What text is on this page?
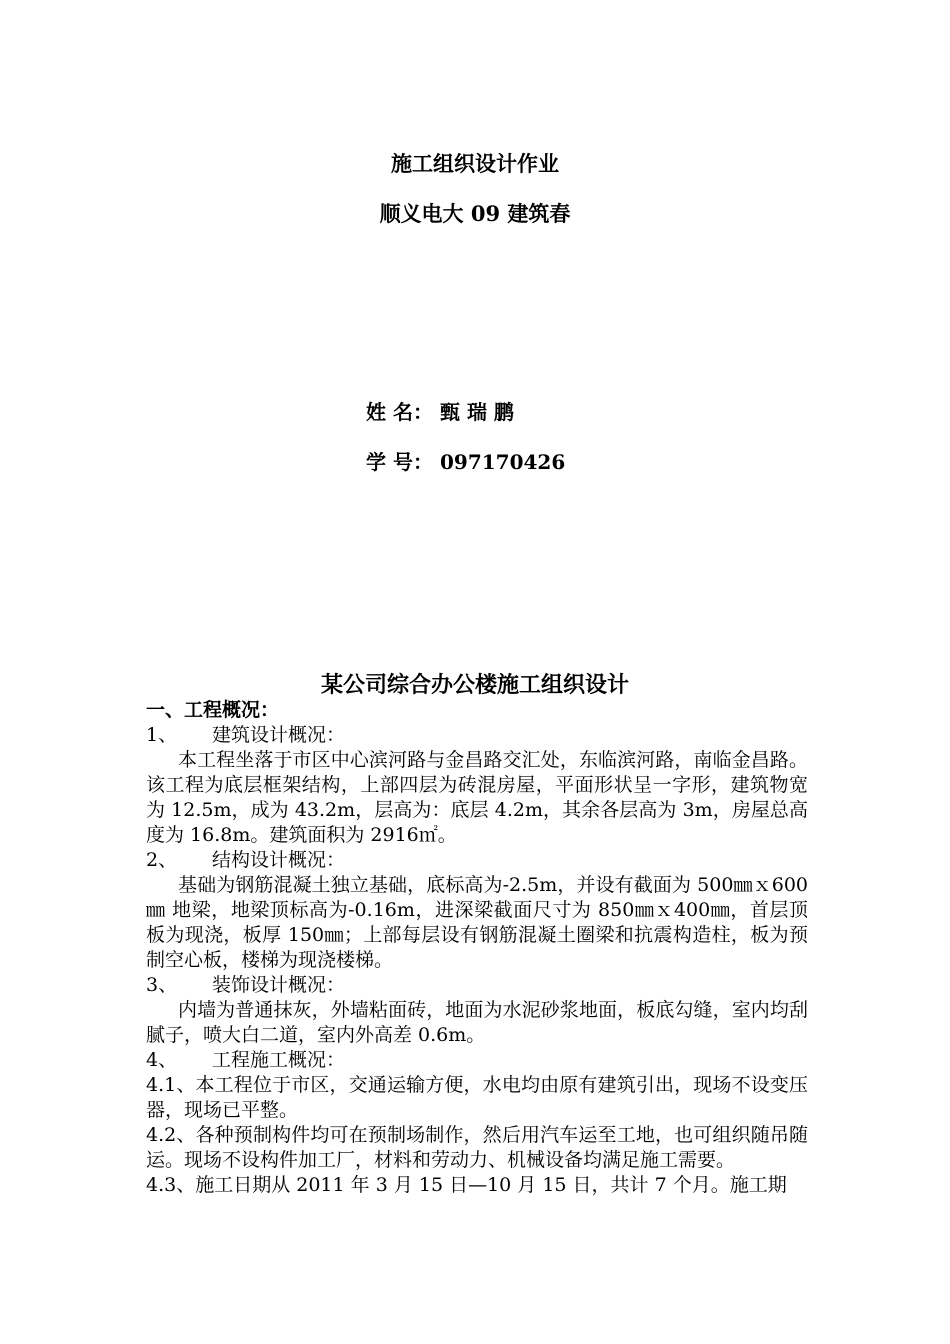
施工组织设计作业
顺义电大 09 建筑春
姓 名： 甄 瑞 鹏
学 号： 097170426
某公司综合办公楼施工组织设计

一、工程概况：

1、 建筑设计概况：

本工程坐落于市区中心滨河路与金昌路交汇处，东临滨河路，南临金昌路。该工程为底层框架结构，上部四层为砖混房屋，平面形状呈一字形，建筑物宽为 12.5m，成为 43.2m，层高为：底层 4.2m，其余各层高为 3m，房屋总高度为 16.8m。建筑面积为 2916㎡。

2、 结构设计概况：

基础为钢筋混凝土独立基础，底标高为-2.5m，并设有截面为 500㎜ｘ600㎜ 地梁，地梁顶标高为-0.16m，进深梁截面尺寸为 850㎜ｘ400㎜，首层顶板为现浇，板厚 150㎜；上部每层设有钢筋混凝土圈梁和抗震构造柱，板为预制空心板，楼梯为现浇楼梯。

3、 装饰设计概况：

内墙为普通抹灰，外墙粘面砖，地面为水泥砂浆地面，板底勾缝，室内均刮腻子，喷大白二道，室内外高差 0.6m。

4、 工程施工概况：

4.1、本工程位于市区，交通运输方便，水电均由原有建筑引出，现场不设变压器，现场已平整。

4.2、各种预制构件均可在预制场制作，然后用汽车运至工地，也可组织随吊随运。现场不设构件加工厂，材料和劳动力、机械设备均满足施工需要。

4.3、施工日期从 2011 年 3 月 15 日—10 月 15 日，共计 7 个月。施工期
